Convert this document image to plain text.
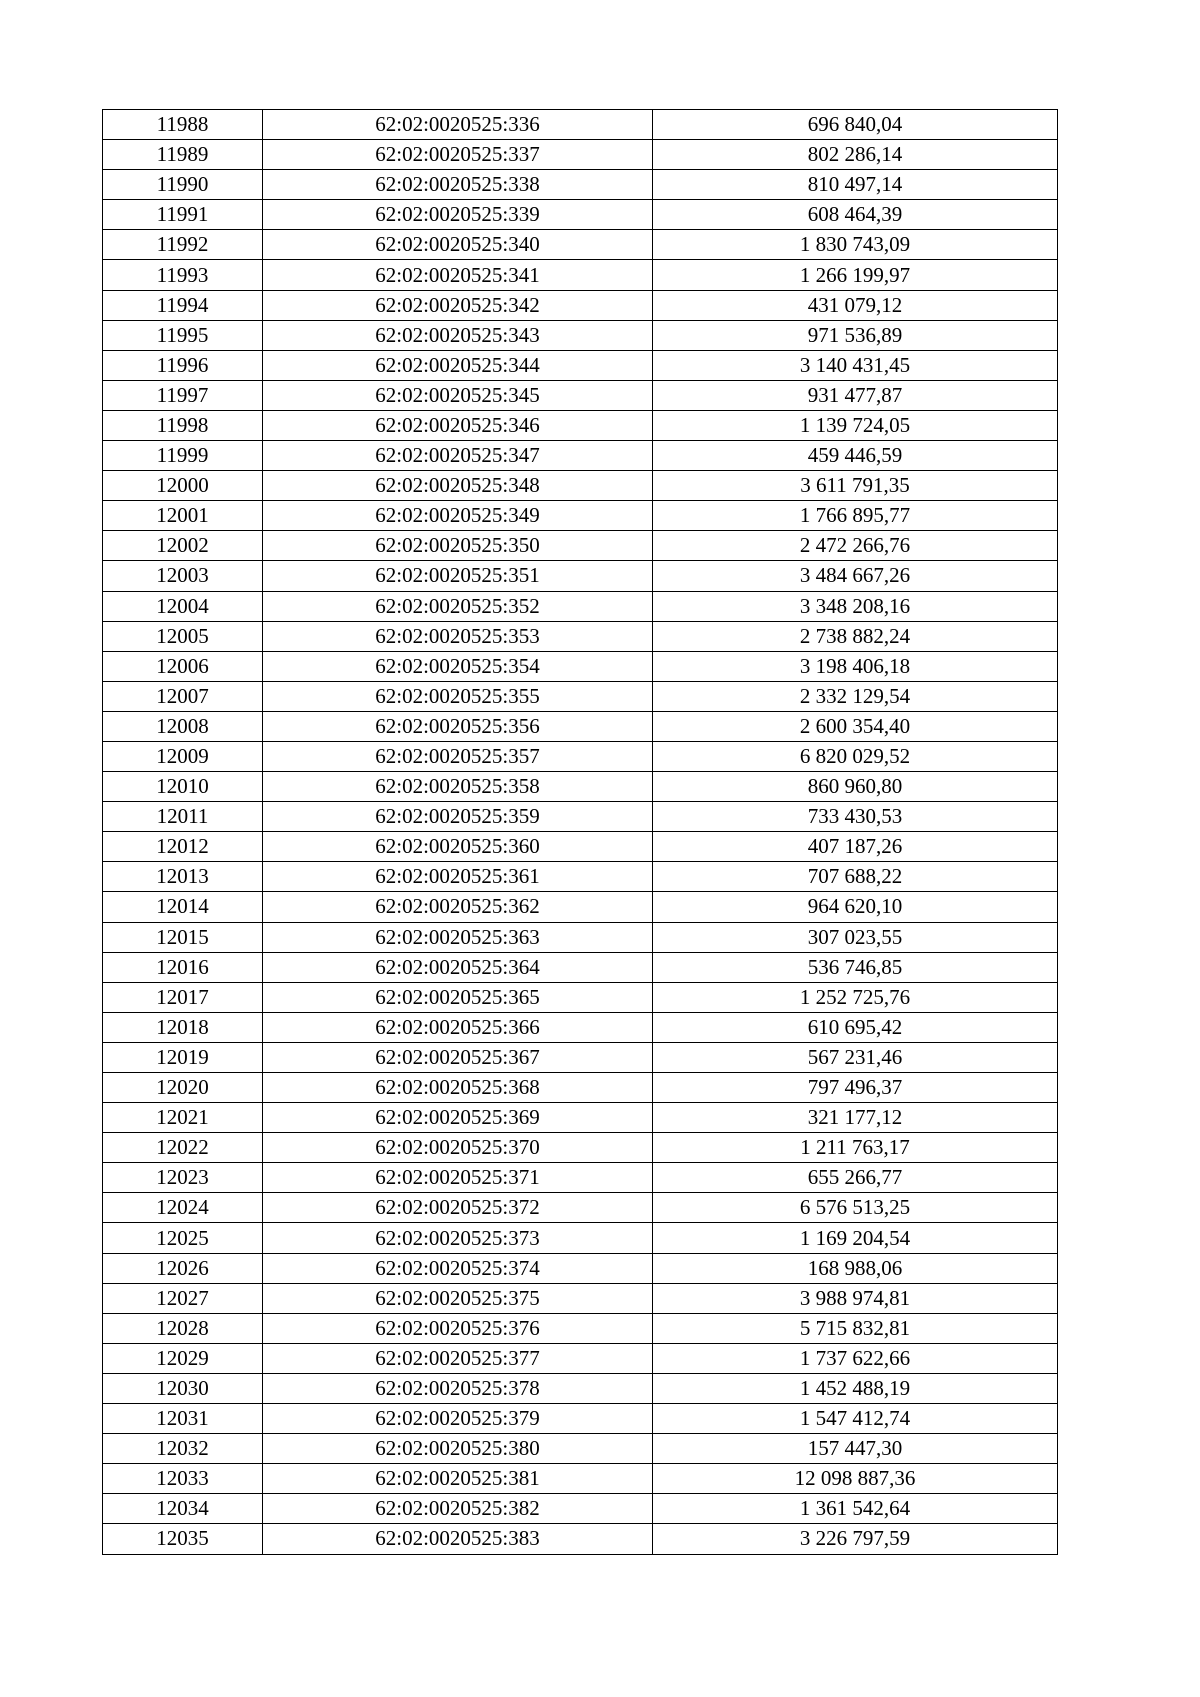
11988	62:02:0020525:336	696 840,04
11989	62:02:0020525:337	802 286,14
11990	62:02:0020525:338	810 497,14
11991	62:02:0020525:339	608 464,39
11992	62:02:0020525:340	1 830 743,09
11993	62:02:0020525:341	1 266 199,97
11994	62:02:0020525:342	431 079,12
11995	62:02:0020525:343	971 536,89
11996	62:02:0020525:344	3 140 431,45
11997	62:02:0020525:345	931 477,87
11998	62:02:0020525:346	1 139 724,05
11999	62:02:0020525:347	459 446,59
12000	62:02:0020525:348	3 611 791,35
12001	62:02:0020525:349	1 766 895,77
12002	62:02:0020525:350	2 472 266,76
12003	62:02:0020525:351	3 484 667,26
12004	62:02:0020525:352	3 348 208,16
12005	62:02:0020525:353	2 738 882,24
12006	62:02:0020525:354	3 198 406,18
12007	62:02:0020525:355	2 332 129,54
12008	62:02:0020525:356	2 600 354,40
12009	62:02:0020525:357	6 820 029,52
12010	62:02:0020525:358	860 960,80
12011	62:02:0020525:359	733 430,53
12012	62:02:0020525:360	407 187,26
12013	62:02:0020525:361	707 688,22
12014	62:02:0020525:362	964 620,10
12015	62:02:0020525:363	307 023,55
12016	62:02:0020525:364	536 746,85
12017	62:02:0020525:365	1 252 725,76
12018	62:02:0020525:366	610 695,42
12019	62:02:0020525:367	567 231,46
12020	62:02:0020525:368	797 496,37
12021	62:02:0020525:369	321 177,12
12022	62:02:0020525:370	1 211 763,17
12023	62:02:0020525:371	655 266,77
12024	62:02:0020525:372	6 576 513,25
12025	62:02:0020525:373	1 169 204,54
12026	62:02:0020525:374	168 988,06
12027	62:02:0020525:375	3 988 974,81
12028	62:02:0020525:376	5 715 832,81
12029	62:02:0020525:377	1 737 622,66
12030	62:02:0020525:378	1 452 488,19
12031	62:02:0020525:379	1 547 412,74
12032	62:02:0020525:380	157 447,30
12033	62:02:0020525:381	12 098 887,36
12034	62:02:0020525:382	1 361 542,64
12035	62:02:0020525:383	3 226 797,59
